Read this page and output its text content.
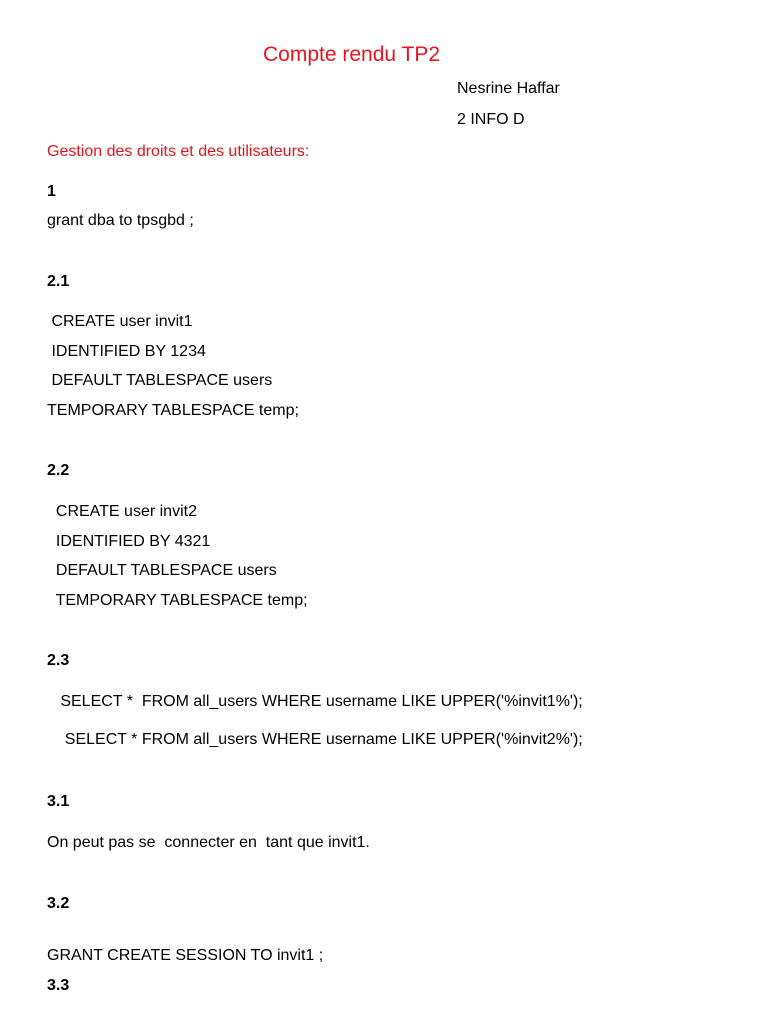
Compte rendu TP2

Nesrine Haffar

2 INFO D

Gestion des droits et des utilisateurs:

1

grant dba to tpsgbd ;

2.1

CREATE user invit1

IDENTIFIED BY 1234

DEFAULT TABLESPACE users

TEMPORARY TABLESPACE temp;

2.2

CREATE user invit2

IDENTIFIED BY 4321

DEFAULT TABLESPACE users

TEMPORARY TABLESPACE temp;

2.3

SELECT *  FROM all_users WHERE username LIKE UPPER('%invit1%');

SELECT * FROM all_users WHERE username LIKE UPPER('%invit2%');

3.1

On peut pas se  connecter en  tant que invit1.

3.2

GRANT CREATE SESSION TO invit1 ;

3.3
